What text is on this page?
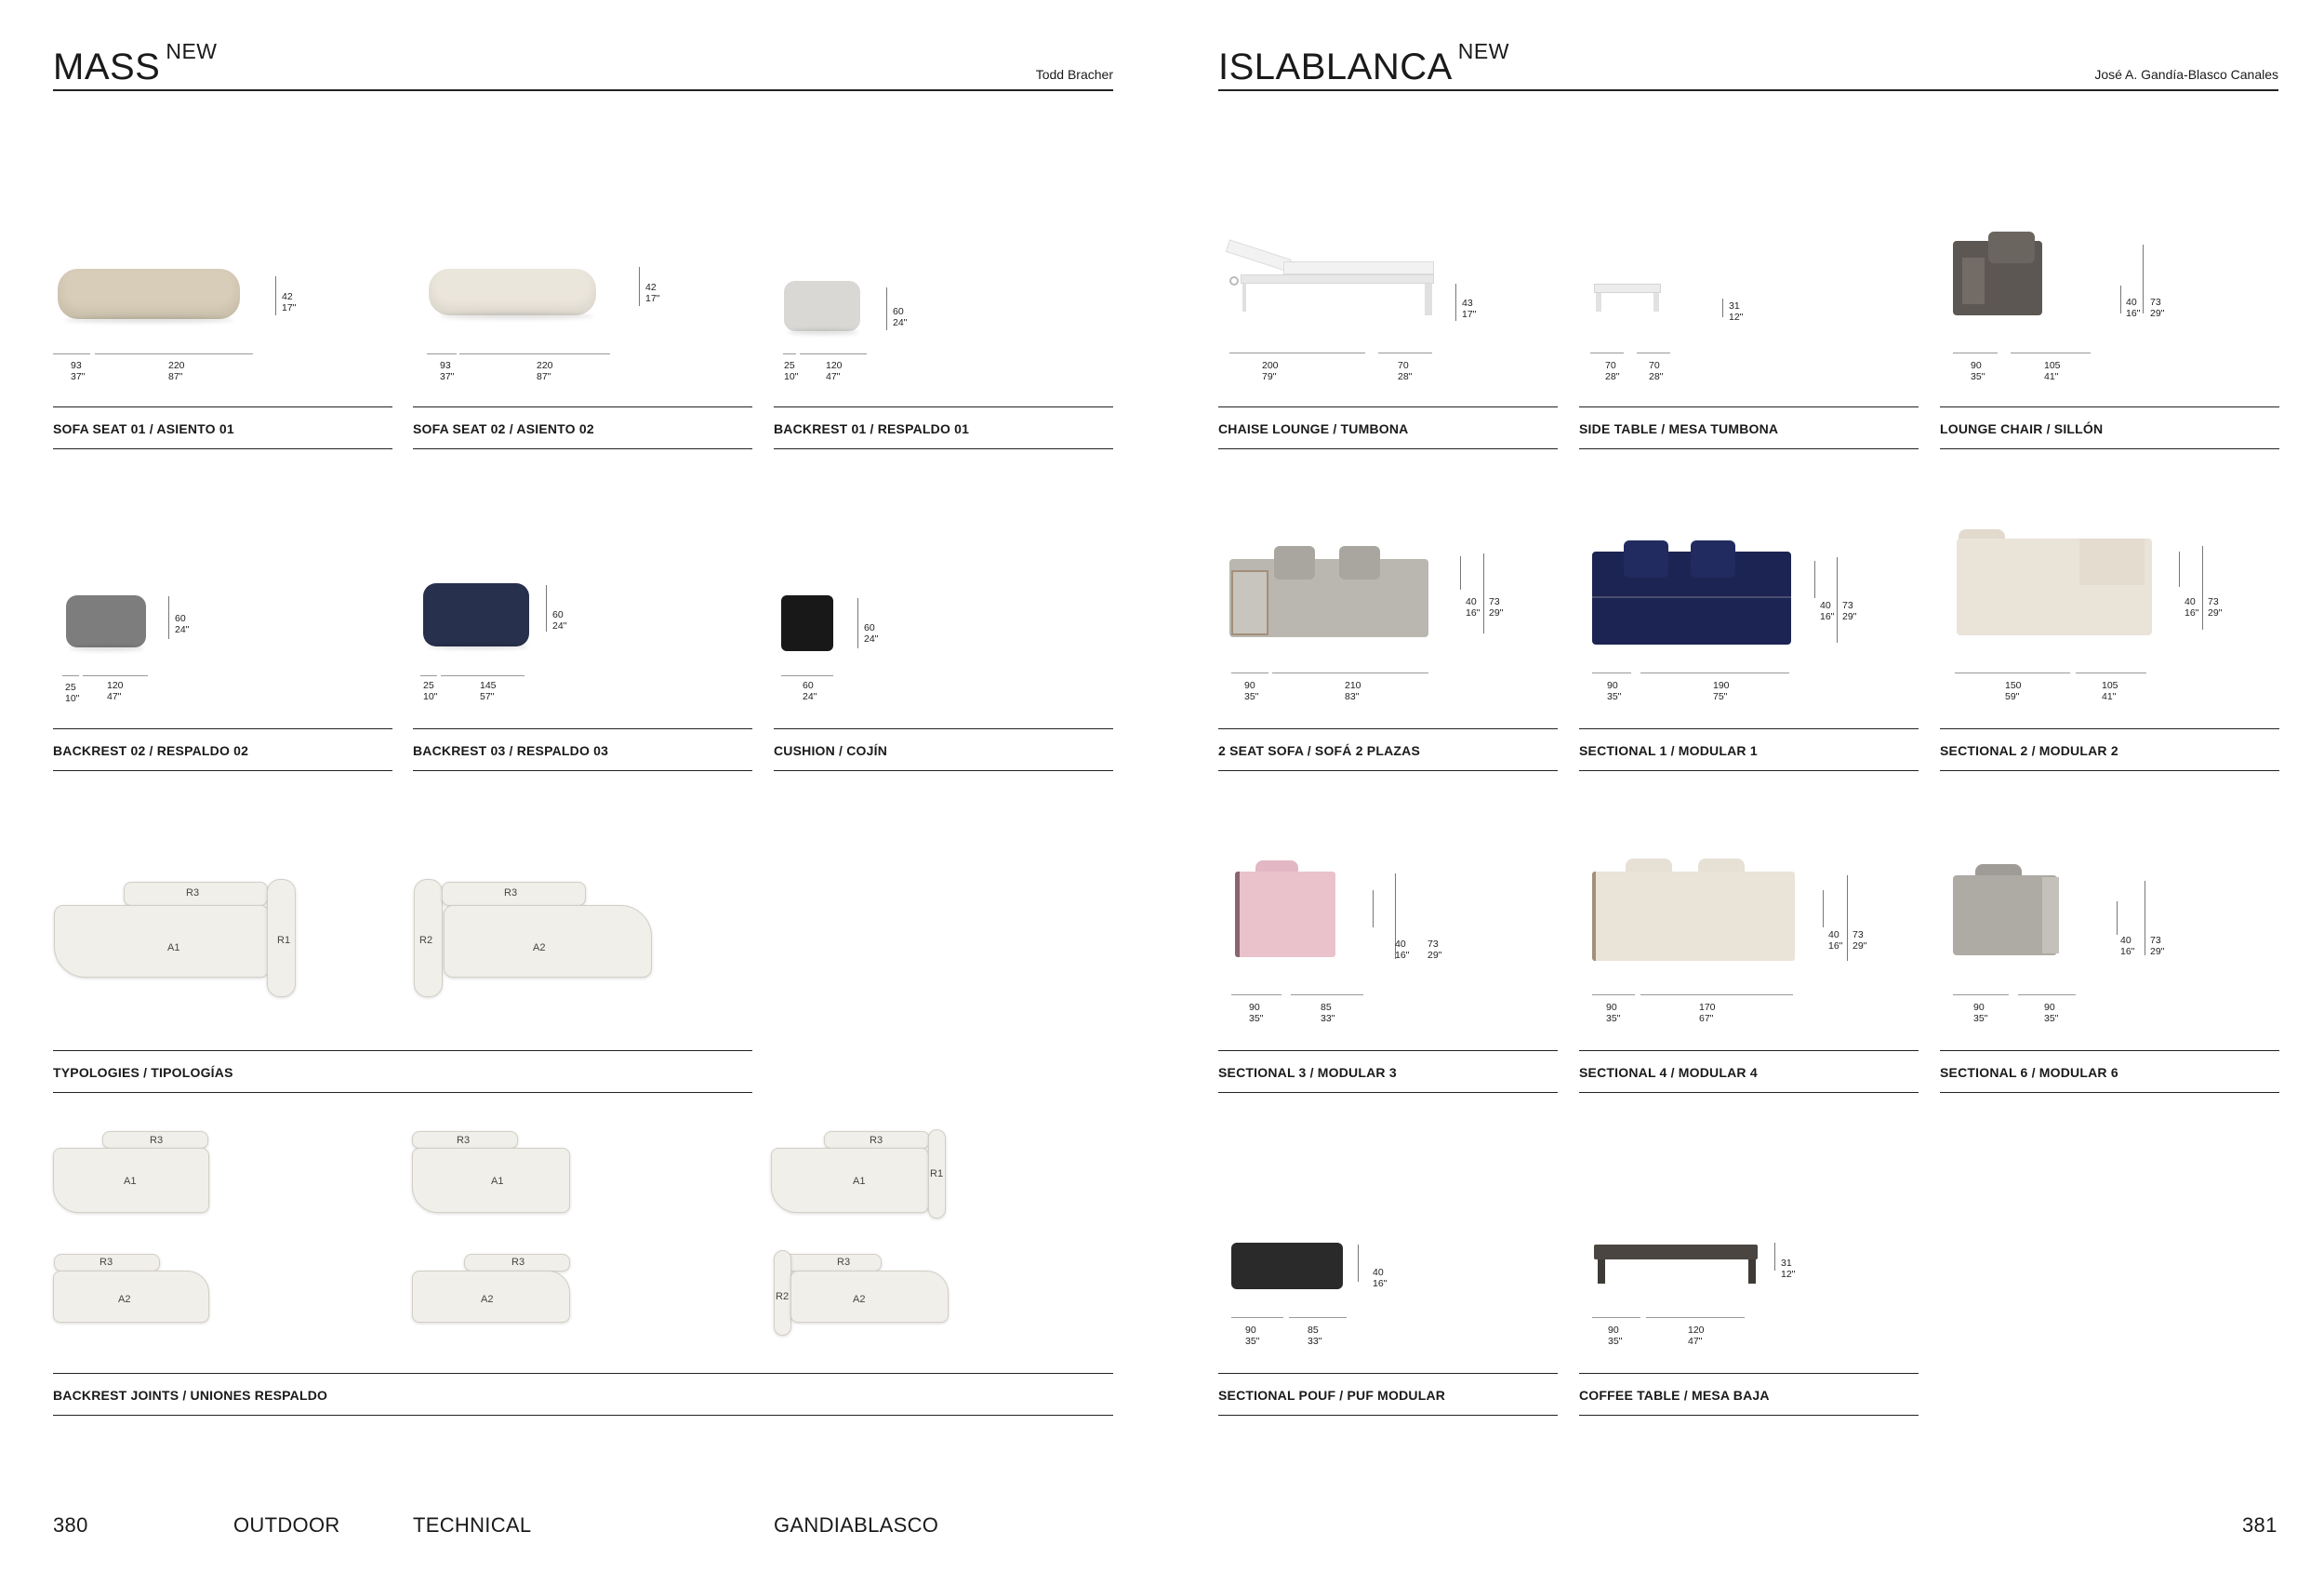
MASS $^{NEW}$
Todd Bracher	ISLABLANCA $^{NEW}$
José A. Gandía-Blasco Canales
42
17"
93
37"
220
87"
SOFA SEAT 01 / ASIENTO 01
42
17"
93
37"
220
87"
SOFA SEAT 02 / ASIENTO 02
60
24"
25
10"
120
47"
BACKREST 01 / RESPALDO 01
60
24"
25
10"
120
47"
BACKREST 02 / RESPALDO 02
60
24"
25
10"
145
57"
BACKREST 03 / RESPALDO 03
60
24"
60
24"
CUSHION / COJÍN
R3
A1
R1	R2
R3
A2
TYPOLOGIES / TIPOLOGÍAS
R3
A1
R3
A2
R3
A1
R3
A2
R3
A1
R1
R3
R2	A2
BACKREST JOINTS / UNIONES RESPALDO
43
17"
200
79"
70
28"
CHAISE LOUNGE / TUMBONA
31
12"
70
28"
70
28"
SIDE TABLE / MESA TUMBONA
40
16"
73
29"
90
35"
105
41"
LOUNGE CHAIR / SILLÓN
40
16"
73
29"
90
35"
210
83"
2 SEAT SOFA / SOFÁ 2 PLAZAS
40
16"
73
29"
90
35"
190
75"
SECTIONAL 1 / MODULAR 1
40
16"
73
29"
150
59"
105
41"
SECTIONAL 2 / MODULAR 2
40
16"
73
29"
90
35"
85
33"
SECTIONAL 3 / MODULAR 3
40
16"
73
29"
90
35"
170
67"
SECTIONAL 4 / MODULAR 4
40
16"
73
29"
90
35"
90
35"
SECTIONAL 6 / MODULAR 6
40
16"
90
35"
85
33"
SECTIONAL POUF / PUF MODULAR
31
12"
90
35"
120
47"
COFFEE TABLE / MESA BAJA
380	OUTDOOR	TECHNICAL	GANDIABLASCO	381
